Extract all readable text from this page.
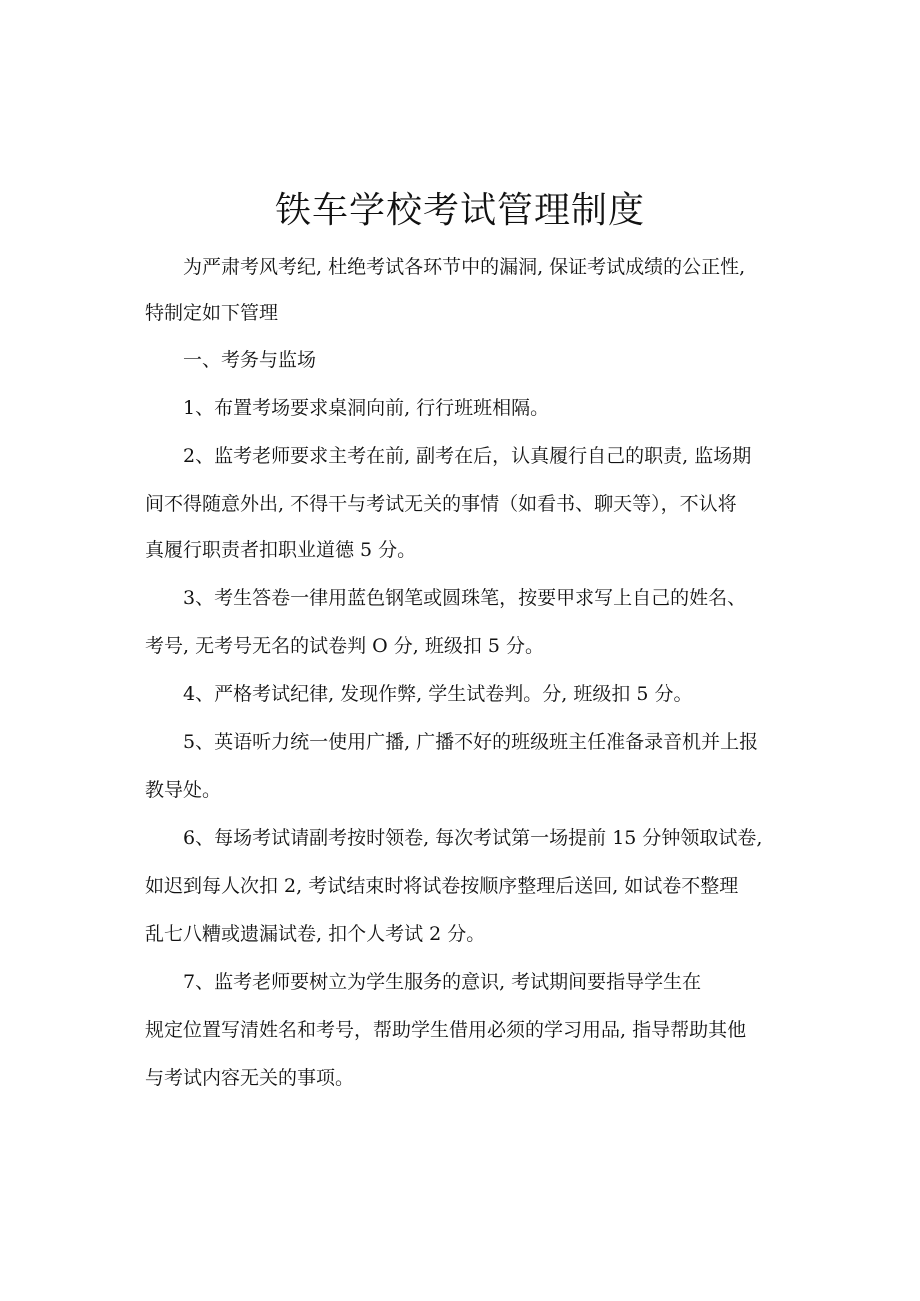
铁车学校考试管理制度

为严肃考风考纪, 杜绝考试各环节中的漏洞, 保证考试成绩的公正性,

特制定如下管理

一、考务与监场

1、布置考场要求桌洞向前, 行行班班相隔。

2、监考老师要求主考在前, 副考在后，认真履行自己的职责, 监场期

间不得随意外出, 不得干与考试无关的事情（如看书、聊天等），不认将

真履行职责者扣职业道德 5 分。

3、考生答卷一律用蓝色钢笔或圆珠笔，按要甲求写上自己的姓名、

考号, 无考号无名的试卷判 O 分, 班级扣 5 分。

4、严格考试纪律, 发现作弊, 学生试卷判。分, 班级扣 5 分。

5、英语听力统一使用广播, 广播不好的班级班主任准备录音机并上报

教导处。

6、每场考试请副考按时领卷, 每次考试第一场提前 15 分钟领取试卷,

如迟到每人次扣 2, 考试结束时将试卷按顺序整理后送回, 如试卷不整理

乱七八糟或遗漏试卷, 扣个人考试 2 分。

7、监考老师要树立为学生服务的意识, 考试期间要指导学生在

规定位置写清姓名和考号，帮助学生借用必须的学习用品, 指导帮助其他

与考试内容无关的事项。
